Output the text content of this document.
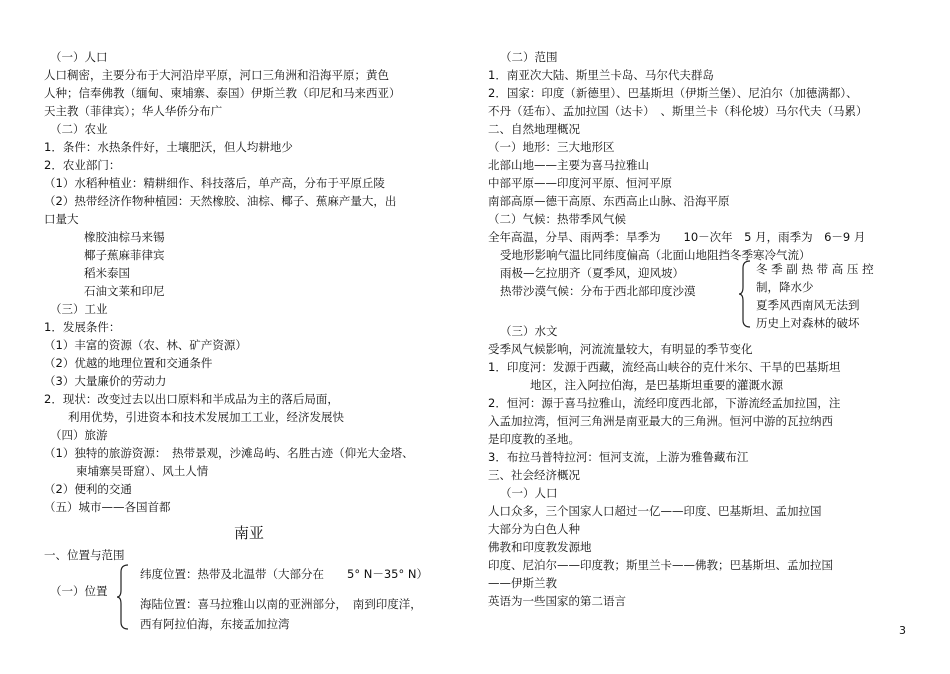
（一）人口
人口稠密，主要分布于大河沿岸平原，河口三角洲和沿海平原；黄色
人种；信奉佛教（缅甸、柬埔寨、泰国）伊斯兰教（印尼和马来西亚）
天主教（菲律宾）；华人华侨分布广
（二）农业
1．条件：水热条件好，土壤肥沃，但人均耕地少
2．农业部门：
（1）水稻种植业：精耕细作、科技落后，单产高，分布于平原丘陵
（2）热带经济作物种植园：天然橡胶、油棕、椰子、蕉麻产量大，出
口量大
橡胶油棕马来锡
椰子蕉麻菲律宾
稻米泰国
石油文莱和印尼
（三）工业
1．发展条件：
（1）丰富的资源（农、林、矿产资源）
（2）优越的地理位置和交通条件
（3）大量廉价的劳动力
2．现状：改变过去以出口原料和半成品为主的落后局面，
利用优势，引进资本和技术发展加工工业，经济发展快
（四）旅游
（1）独特的旅游资源：　热带景观，沙滩岛屿、名胜古迹（仰光大金塔、
柬埔寨吴哥窟）、风土人情
（2）便利的交通
（五）城市——各国首都
南亚
一、位置与范围
（一）位置
纬度位置：热带及北温带（大部分在　　5° N－35° N）
海陆位置：喜马拉雅山以南的亚洲部分，　南到印度洋，
西有阿拉伯海，东接孟加拉湾
（二）范围
1．南亚次大陆、斯里兰卡岛、马尔代夫群岛
2．国家：印度（新德里）、巴基斯坦（伊斯兰堡）、尼泊尔（加德满都）、
不丹（廷布）、孟加拉国（达卡）　、斯里兰卡（科伦坡）马尔代夫（马累）
二、自然地理概况
（一）地形：三大地形区
北部山地——主要为喜马拉雅山
中部平原——印度河平原、恒河平原
南部高原—德干高原、东西高止山脉、沿海平原
（二）气候：热带季风气候
全年高温，分旱、雨两季：旱季为　　10－次年　5 月，雨季为　6－9 月
受地形影响气温比同纬度偏高（北面山地阻挡冬季寒冷气流）
雨极—乞拉朋齐（夏季风，迎风坡）
热带沙漠气候：分布于西北部印度沙漠
冬 季 副 热 带 高 压 控
制，降水少
夏季风西南风无法到
历史上对森林的破坏
（三）水文
受季风气候影响，河流流量较大，有明显的季节变化
1．印度河：发源于西藏，流经高山峡谷的克什米尔、干旱的巴基斯坦
地区，注入阿拉伯海，是巴基斯坦重要的灌溉水源
2．恒河：源于喜马拉雅山，流经印度西北部，下游流经孟加拉国，注
入孟加拉湾，恒河三角洲是南亚最大的三角洲。恒河中游的瓦拉纳西
是印度教的圣地。
3．布拉马普特拉河：恒河支流，上游为雅鲁藏布江
三、社会经济概况
（一）人口
人口众多，三个国家人口超过一亿——印度、巴基斯坦、孟加拉国
大部分为白色人种
佛教和印度教发源地
印度、尼泊尔——印度教；斯里兰卡——佛教；巴基斯坦、孟加拉国
——伊斯兰教
英语为一些国家的第二语言
3
